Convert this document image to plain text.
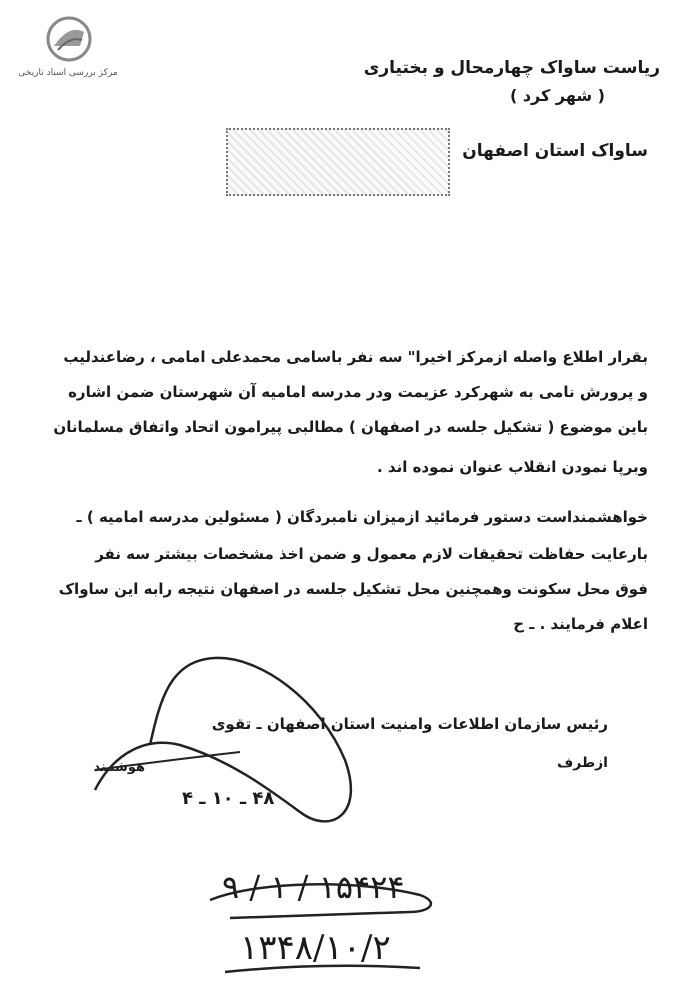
مرکز بررسی اسناد تاریخی	ریاست ساواک چهارمحال و بختیاری
( شهر کرد )
ساواک استان اصفهان
بقرار اطلاع واصله ازمرکز اخیرا" سه نفر باسامی محمدعلی امامی ، رضاعندلیب
و پرورش نامی به شهرکرد عزیمت ودر مدرسه امامیه آن شهرستان ضمن اشاره
باین موضوع ( تشکیل جلسه در اصفهان ) مطالبی پیرامون اتحاد واتفاق مسلمانان
وبرپا نمودن انقلاب عنوان نموده اند .
خواهشمنداست دستور فرمائید ازمیزان نامبردگان ( مسئولین مدرسه امامیه ) ـ
بارعایت حفاظت تحقیقات لازم معمول و ضمن اخذ مشخصات بیشتر سه نفر
فوق محل سکونت وهمچنین محل تشکیل جلسه در اصفهان نتیجه رابه این ساواک
اعلام فرمایند . ـ ح
رئیس سازمان اطلاعات وامنیت استان اصفهان ـ تقوی
ازطرف
هوشمند
۴۸ ـ ۱۰ ـ ۴
۱۵۴۲۴ / ۱ / ۹
۱۳۴۸/۱۰/۲
